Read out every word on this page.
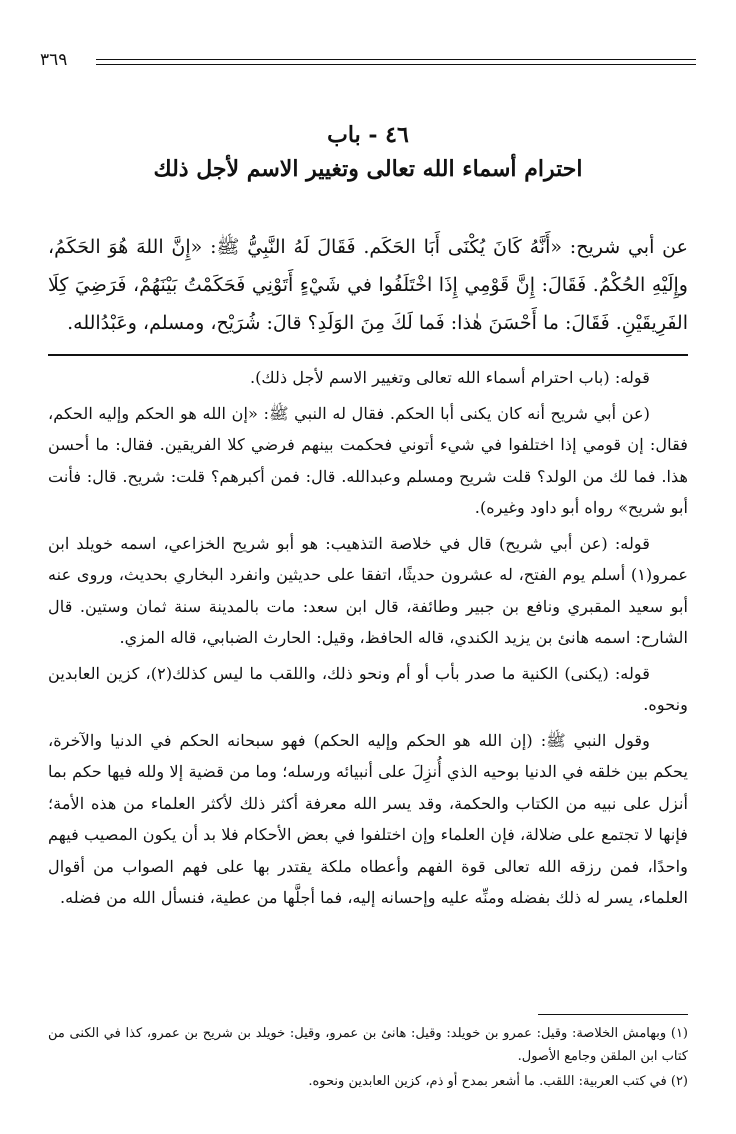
٣٦٩
٤٦ - باب
احترام أسماء الله تعالى وتغيير الاسم لأجل ذلك
عن أبي شريح: «أَنَّهُ كَانَ يُكْنَى أَبَا الحَكَم. فَقَالَ لَهُ النَّبِيُّ ﷺ: «إِنَّ اللهَ هُوَ الحَكَمُ، وإِلَيْهِ الحُكْمُ. فَقَالَ: إِنَّ قَوْمِي إِذَا اخْتَلَفُوا في شَيْءٍ أَتَوْنِي فَحَكَمْتُ بَيْنَهُمْ، فَرَضِيَ كِلَا الفَرِيقَيْنِ. فَقَالَ: ما أَحْسَنَ هٰذا: فَما لَكَ مِنَ الوَلَدِ؟ قالَ: شُرَيْح، ومسلم، وعَبْدُالله.

قوله: (باب احترام أسماء الله تعالى وتغيير الاسم لأجل ذلك).

(عن أبي شريح أنه كان يكنى أبا الحكم. فقال له النبي ﷺ: «إن الله هو الحكم وإليه الحكم، فقال: إن قومي إذا اختلفوا في شيء أتوني فحكمت بينهم فرضي كلا الفريقين. فقال: ما أحسن هذا. فما لك من الولد؟ قلت شريح ومسلم وعبدالله. قال: فمن أكبرهم؟ قلت: شريح. قال: فأنت أبو شريح» رواه أبو داود وغيره).

قوله: (عن أبي شريح) قال في خلاصة التذهيب: هو أبو شريح الخزاعي، اسمه خويلد ابن عمرو(١) أسلم يوم الفتح، له عشرون حديثًا، اتفقا على حديثين وانفرد البخاري بحديث، وروى عنه أبو سعيد المقبري ونافع بن جبير وطائفة، قال ابن سعد: مات بالمدينة سنة ثمان وستين. قال الشارح: اسمه هانئ بن يزيد الكندي، قاله الحافظ، وقيل: الحارث الضبابي، قاله المزي.

قوله: (يكنى) الكنية ما صدر بأب أو أم ونحو ذلك، واللقب ما ليس كذلك(٢)، كزين العابدين ونحوه.

وقول النبي ﷺ: (إن الله هو الحكم وإليه الحكم) فهو سبحانه الحكم في الدنيا والآخرة، يحكم بين خلقه في الدنيا بوحيه الذي أُنزِلَ على أنبيائه ورسله؛ وما من قضية إلا ولله فيها حكم بما أنزل على نبيه من الكتاب والحكمة، وقد يسر الله معرفة أكثر ذلك لأكثر العلماء من هذه الأمة؛ فإنها لا تجتمع على ضلالة، فإن العلماء وإن اختلفوا في بعض الأحكام فلا بد أن يكون المصيب فيهم واحدًا، فمن رزقه الله تعالى قوة الفهم وأعطاه ملكة يقتدر بها على فهم الصواب من أقوال العلماء، يسر له ذلك بفضله ومنِّه عليه وإحسانه إليه، فما أجلَّها من عطية، فنسأل الله من فضله.

(١) وبهامش الخلاصة: وقيل: عمرو بن خويلد: وقيل: هانئ بن عمرو، وقيل: خويلد بن شريح بن عمرو، كذا في الكنى من كتاب ابن الملقن وجامع الأصول.

(٢) في كتب العربية: اللقب. ما أشعر بمدح أو ذم، كزين العابدين ونحوه.
